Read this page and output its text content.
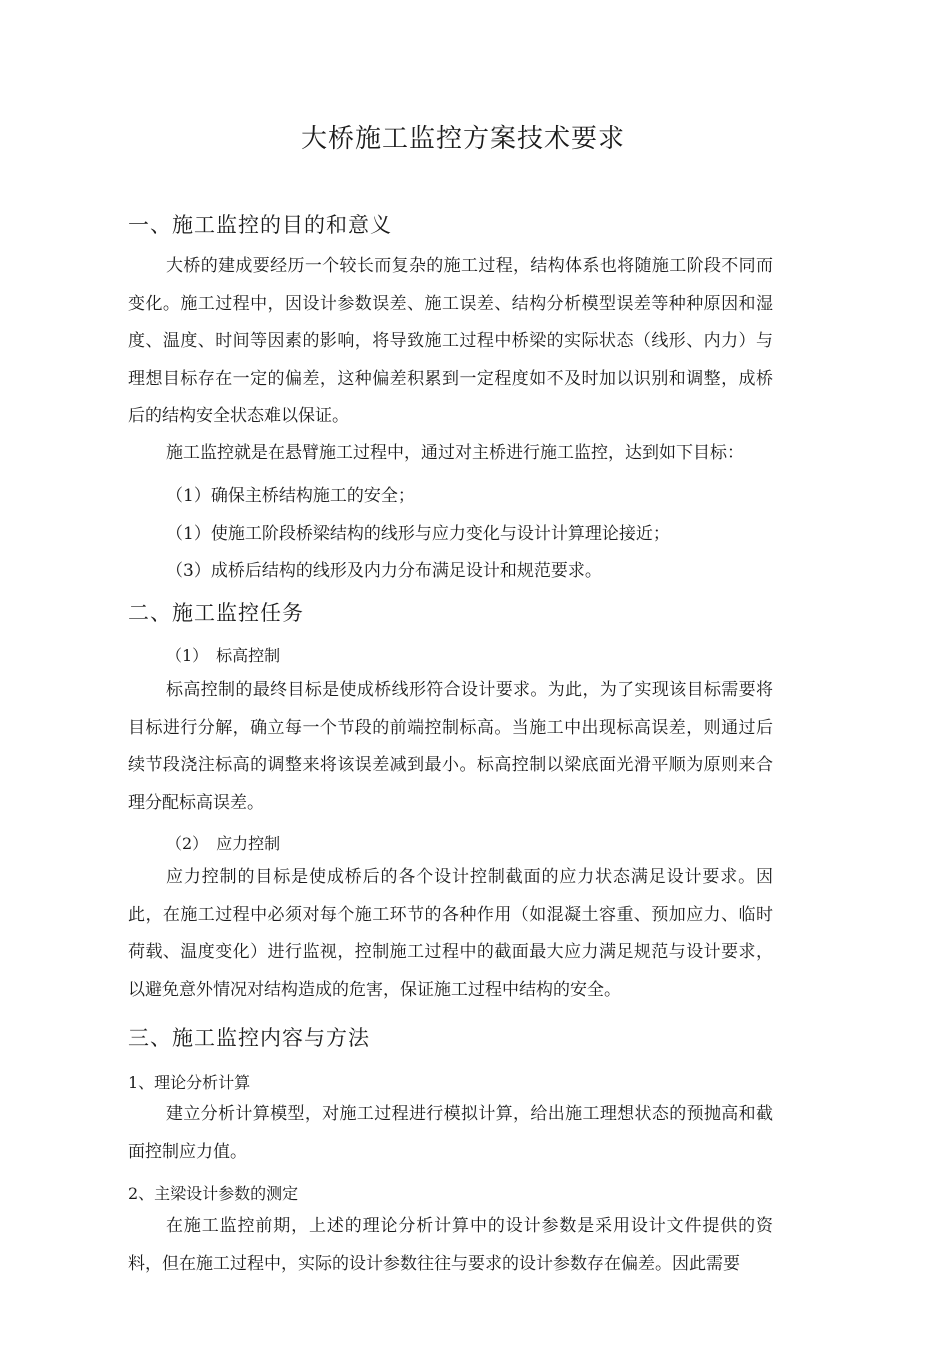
大桥施工监控方案技术要求
一、施工监控的目的和意义
大桥的建成要经历一个较长而复杂的施工过程，结构体系也将随施工阶段不同而变化。施工过程中，因设计参数误差、施工误差、结构分析模型误差等种种原因和湿度、温度、时间等因素的影响，将导致施工过程中桥梁的实际状态（线形、内力）与理想目标存在一定的偏差，这种偏差积累到一定程度如不及时加以识别和调整，成桥后的结构安全状态难以保证。
施工监控就是在悬臂施工过程中，通过对主桥进行施工监控，达到如下目标：
（1）确保主桥结构施工的安全；
（1）使施工阶段桥梁结构的线形与应力变化与设计计算理论接近；
（3）成桥后结构的线形及内力分布满足设计和规范要求。
二、施工监控任务
（1）　标高控制
标高控制的最终目标是使成桥线形符合设计要求。为此，为了实现该目标需要将目标进行分解，确立每一个节段的前端控制标高。当施工中出现标高误差，则通过后续节段浇注标高的调整来将该误差减到最小。标高控制以梁底面光滑平顺为原则来合理分配标高误差。
（2）　应力控制
应力控制的目标是使成桥后的各个设计控制截面的应力状态满足设计要求。因此，在施工过程中必须对每个施工环节的各种作用（如混凝土容重、预加应力、临时荷载、温度变化）进行监视，控制施工过程中的截面最大应力满足规范与设计要求，以避免意外情况对结构造成的危害，保证施工过程中结构的安全。
三、施工监控内容与方法
1、理论分析计算
建立分析计算模型，对施工过程进行模拟计算，给出施工理想状态的预抛高和截面控制应力值。
2、主梁设计参数的测定
在施工监控前期，上述的理论分析计算中的设计参数是采用设计文件提供的资料，但在施工过程中，实际的设计参数往往与要求的设计参数存在偏差。因此需要
